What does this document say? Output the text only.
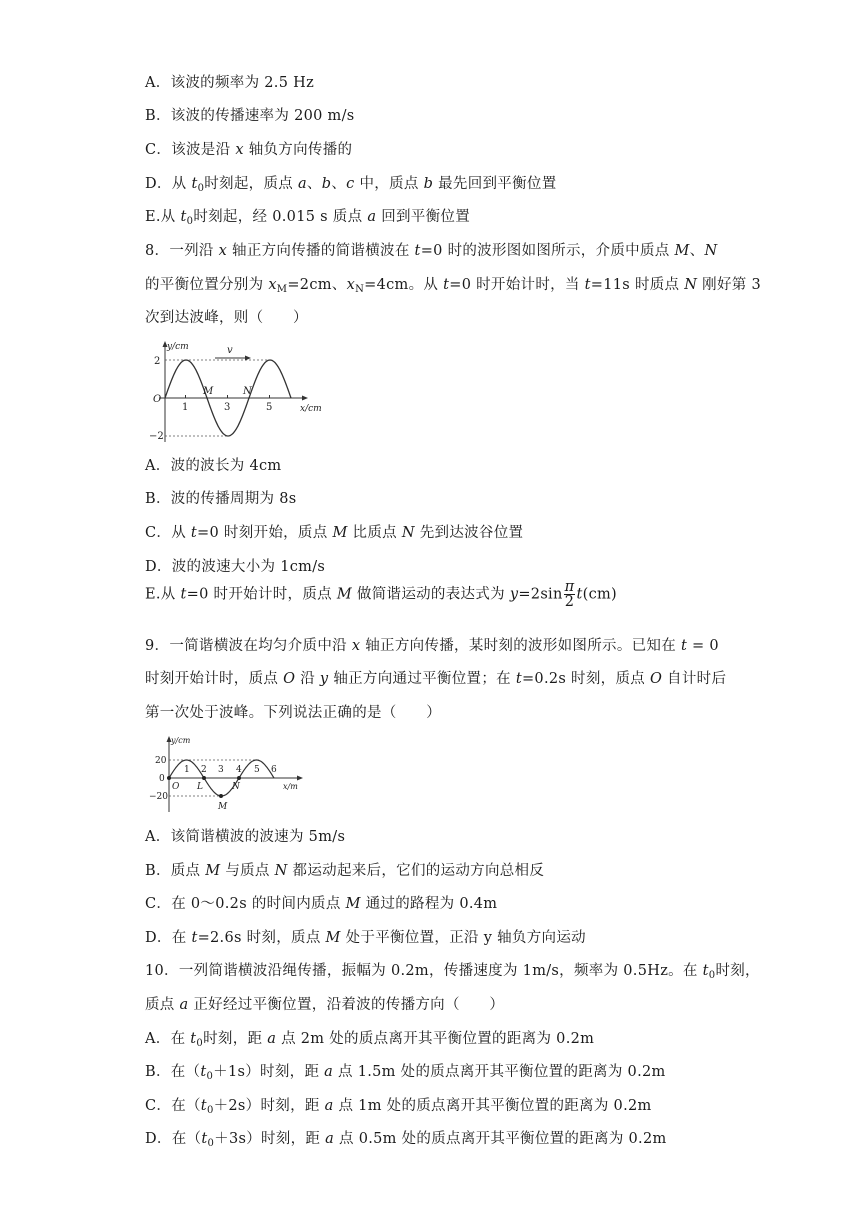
A．该波的频率为 2.5 Hz
B．该波的传播速率为 200 m/s
C．该波是沿 x 轴负方向传播的
D．从 $t_0$时刻起，质点 a、b、c 中，质点 b 最先回到平衡位置
E.从 $t_0$时刻起，经 0.015 s 质点 a 回到平衡位置
8．一列沿 x 轴正方向传播的简谐横波在 t=0 时的波形图如图所示，介质中质点 M、N
的平衡位置分别为 $x_M=2cm$、$x_N=4cm$。从 t=0 时开始计时，当 t=11s 时质点 N 刚好第 3
次到达波峰，则（　　）
v
y/cm
x/cm
O
2
−2
1	3	5
M	N
A．波的波长为 4cm
B．波的传播周期为 8s
C．从 t=0 时刻开始，质点 M 比质点 N 先到达波谷位置
D．波的波速大小为 1cm/s
E.从 t=0 时开始计时，质点 M 做简谐运动的表达式为 $y=2\sin \frac{\pi}{2} t(cm)$
9．一简谐横波在均匀介质中沿 x 轴正方向传播，某时刻的波形如图所示。已知在 t = 0
时刻开始计时，质点 O 沿 y 轴正方向通过平衡位置；在 t=0.2s 时刻，质点 O 自计时后
第一次处于波峰。下列说法正确的是（　　）
y/cm
x/m
20
0
−20
1 2 3 4 5 6
O L	N
M
A．该简谐横波的波速为 5m/s
B．质点 M 与质点 N 都运动起来后，它们的运动方向总相反
C．在 0～0.2s 的时间内质点 M 通过的路程为 0.4m
D．在 t=2.6s 时刻，质点 M 处于平衡位置，正沿 y 轴负方向运动
10．一列简谐横波沿绳传播，振幅为 0.2m，传播速度为 1m/s，频率为 0.5Hz。在 $t_0$时刻，
质点 a 正好经过平衡位置，沿着波的传播方向（　　）
A．在 $t_0$时刻，距 a 点 2m 处的质点离开其平衡位置的距离为 0.2m
B．在$(t_0+1s)$时刻，距 a 点 1.5m 处的质点离开其平衡位置的距离为 0.2m
C．在$(t_0+2s)$时刻，距 a 点 1m 处的质点离开其平衡位置的距离为 0.2m
D．在$(t_0+3s)$时刻，距 a 点 0.5m 处的质点离开其平衡位置的距离为 0.2m
